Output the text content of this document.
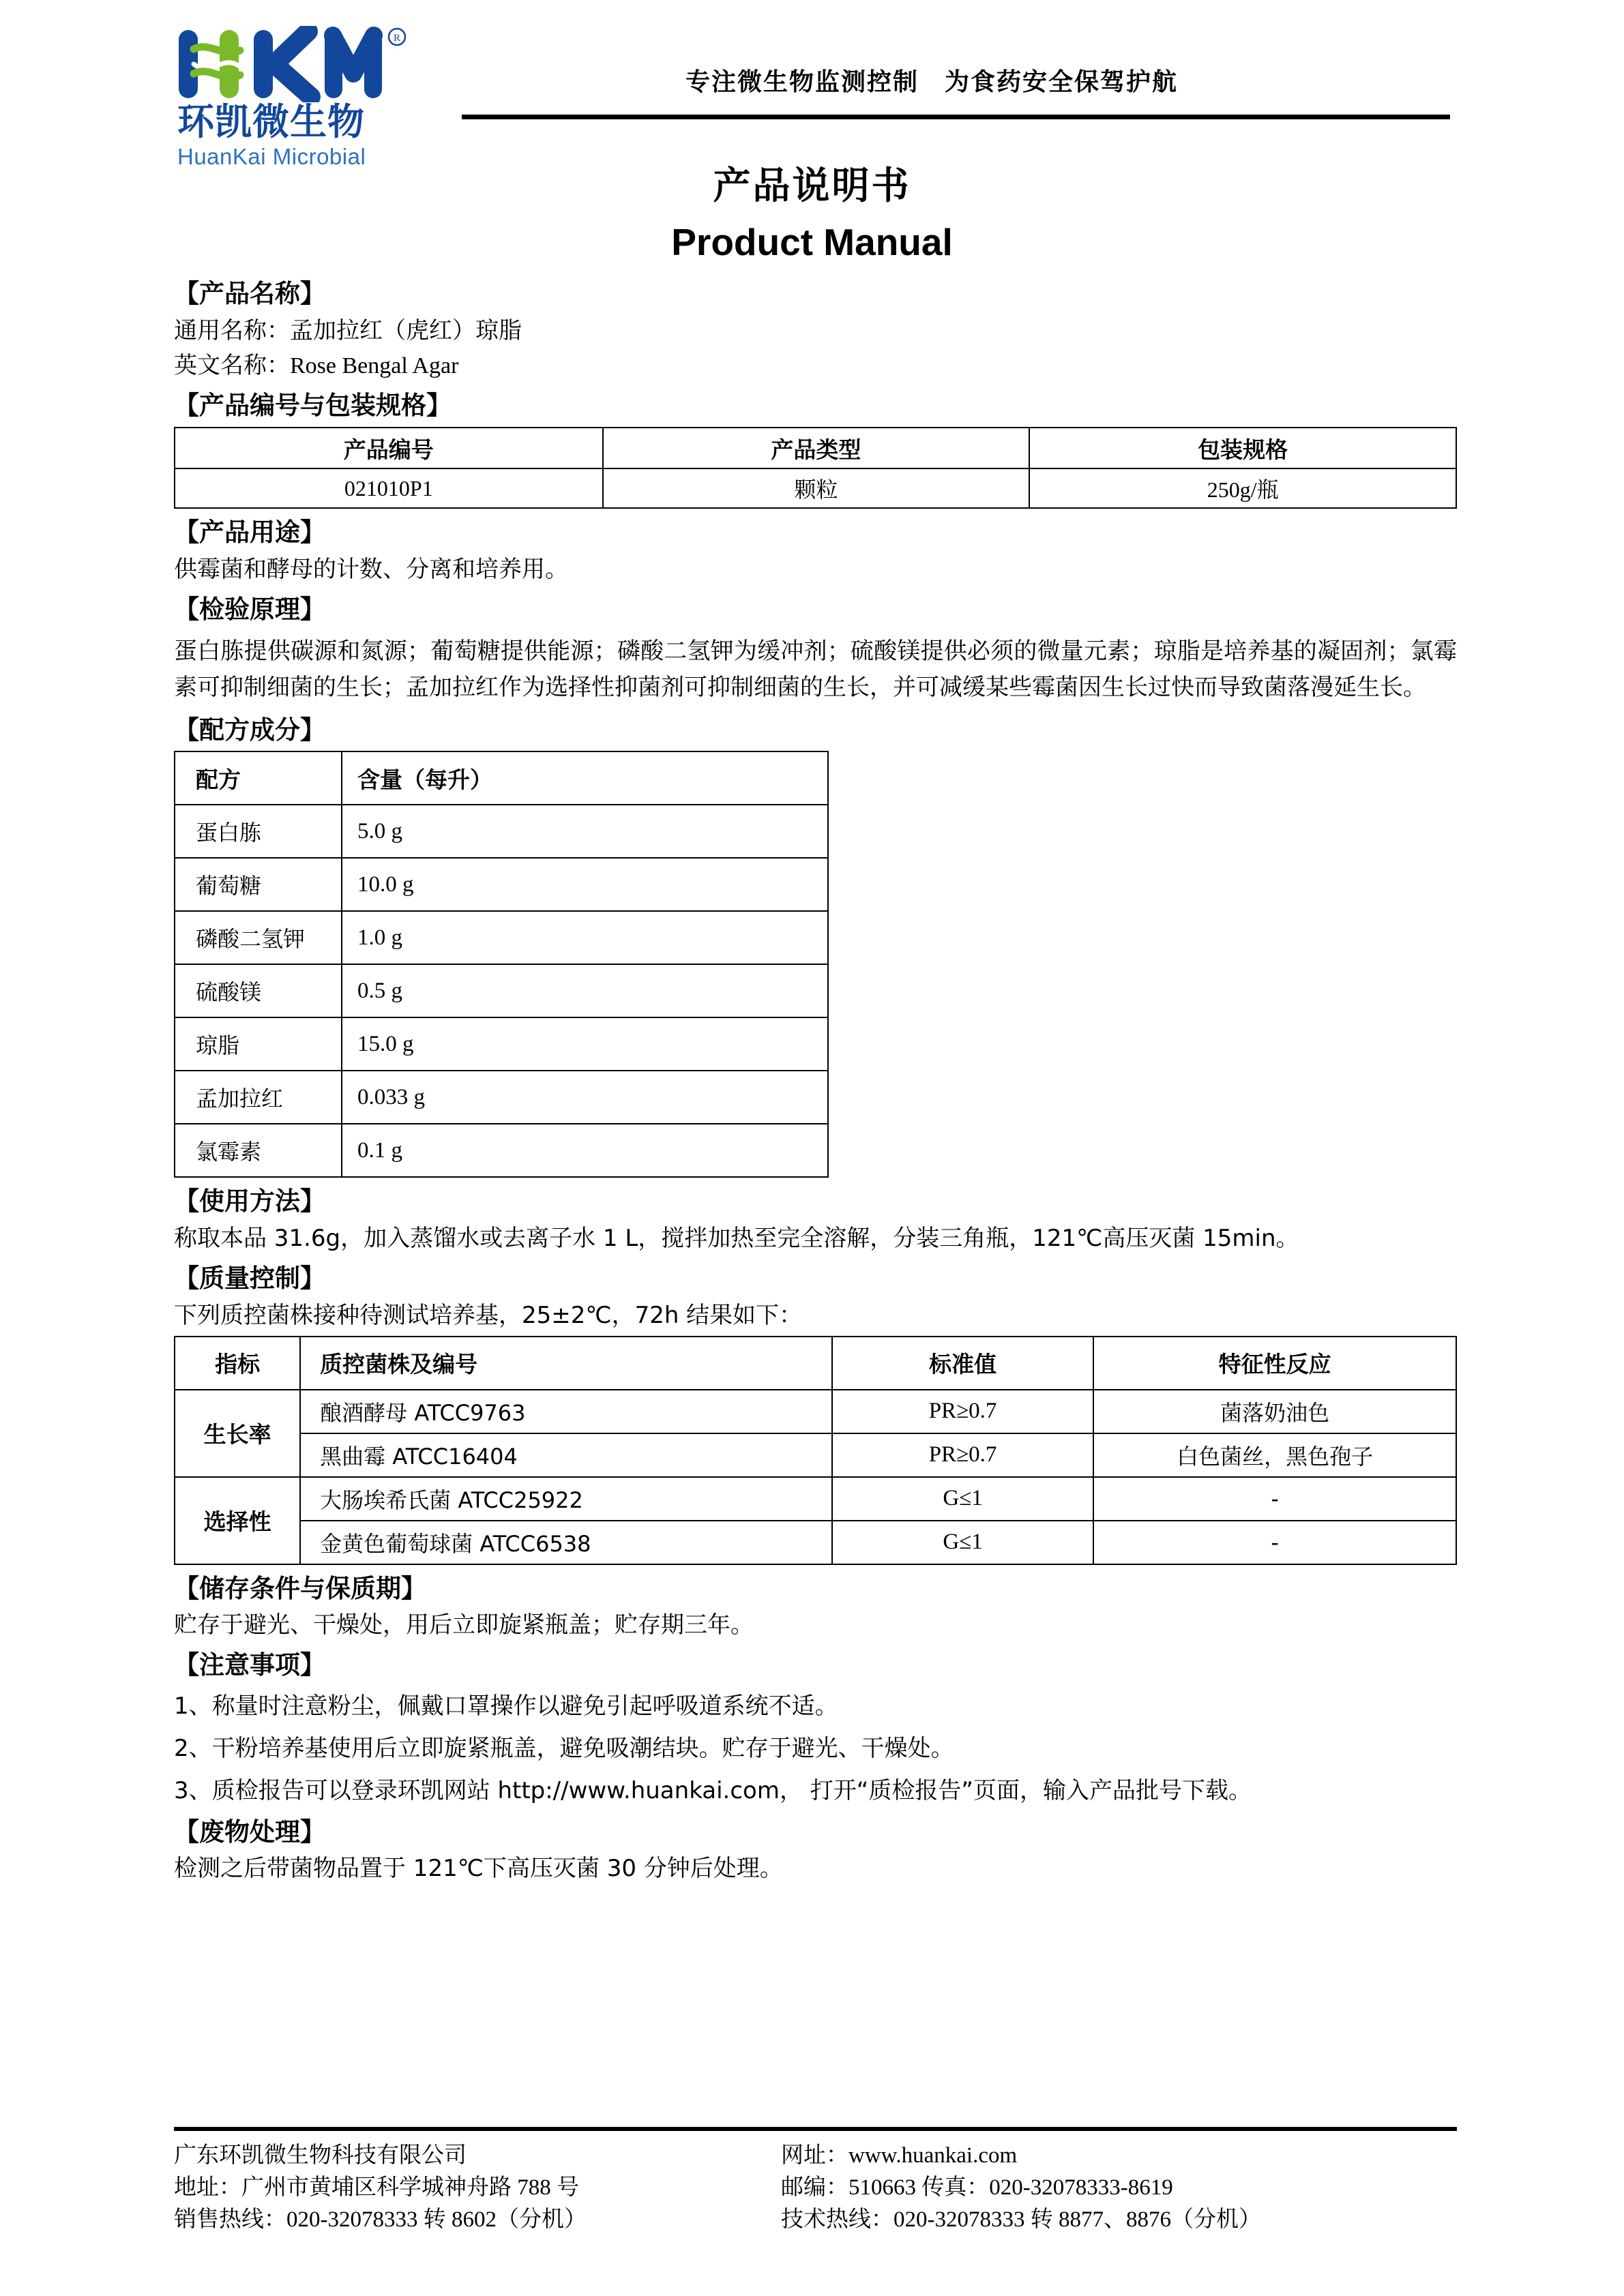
R
环凯微生物
HuanKai Microbial
专注微生物监测控制　为食药安全保驾护航
产品说明书
Product Manual
【产品名称】
通用名称：孟加拉红（虎红）琼脂
英文名称：Rose Bengal Agar
【产品编号与包装规格】
产品编号	产品类型	包装规格
021010P1	颗粒	250g/瓶
【产品用途】
供霉菌和酵母的计数、分离和培养用。
【检验原理】
蛋白胨提供碳源和氮源；葡萄糖提供能源；磷酸二氢钾为缓冲剂；硫酸镁提供必须的微量元素；琼脂是培养基的凝固剂；氯霉素可抑制细菌的生长；孟加拉红作为选择性抑菌剂可抑制细菌的生长，并可减缓某些霉菌因生长过快而导致菌落漫延生长。
【配方成分】
配方	含量（每升）
蛋白胨	5.0 g
葡萄糖	10.0 g
磷酸二氢钾	1.0 g
硫酸镁	0.5 g
琼脂	15.0 g
孟加拉红	0.033 g
氯霉素	0.1 g
【使用方法】
称取本品 31.6g，加入蒸馏水或去离子水 1 L，搅拌加热至完全溶解，分装三角瓶，121℃高压灭菌 15min。
【质量控制】
下列质控菌株接种待测试培养基，25±2℃，72h 结果如下：
指标	质控菌株及编号	标准值	特征性反应
生长率	酿酒酵母 ATCC9763	PR≥0.7	菌落奶油色
	黑曲霉 ATCC16404	PR≥0.7	白色菌丝，黑色孢子
选择性	大肠埃希氏菌 ATCC25922	G≤1	-
	金黄色葡萄球菌 ATCC6538	G≤1	-
【储存条件与保质期】
贮存于避光、干燥处，用后立即旋紧瓶盖；贮存期三年。
【注意事项】
1、称量时注意粉尘，佩戴口罩操作以避免引起呼吸道系统不适。
2、干粉培养基使用后立即旋紧瓶盖，避免吸潮结块。贮存于避光、干燥处。
3、质检报告可以登录环凯网站 http://www.huankai.com， 打开“质检报告”页面，输入产品批号下载。
【废物处理】
检测之后带菌物品置于 121℃下高压灭菌 30 分钟后处理。
广东环凯微生物科技有限公司
地址：广州市黄埔区科学城神舟路 788 号
销售热线：020-32078333 转 8602（分机）
网址：www.huankai.com
邮编：510663 传真：020-32078333-8619
技术热线：020-32078333 转 8877、8876（分机）
